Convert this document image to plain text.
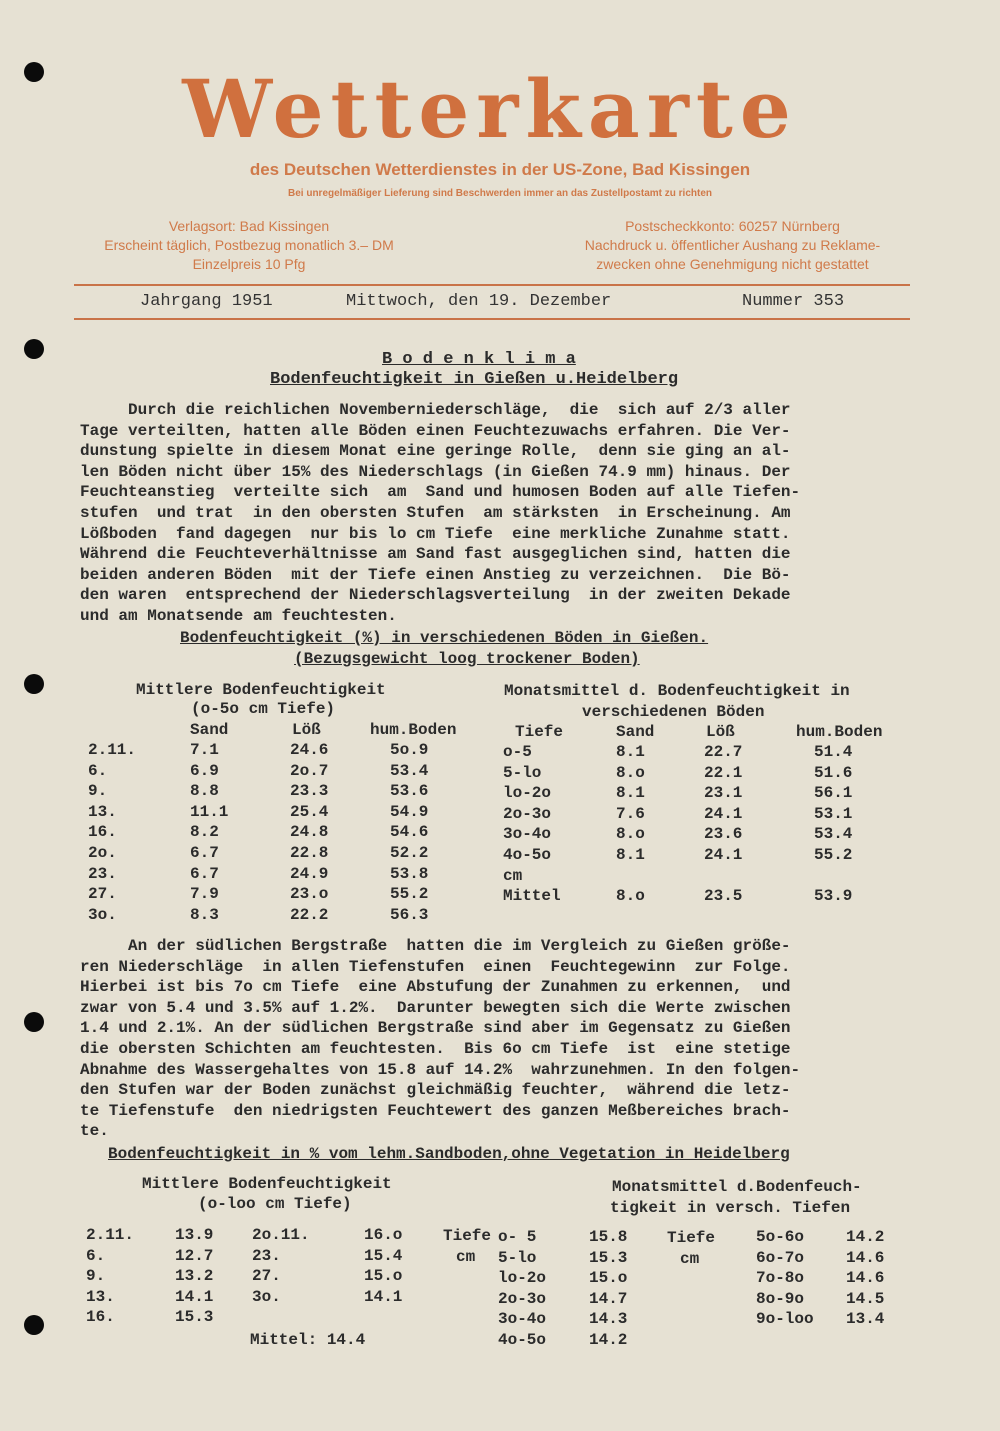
Wetterkarte
des Deutschen Wetterdienstes in der US-Zone, Bad Kissingen
Bei unregelmäßiger Lieferung sind Beschwerden immer an das Zustellpostamt zu richten
Verlagsort: Bad Kissingen
Erscheint täglich, Postbezug monatlich 3.– DM
Einzelpreis 10 Pfg
Postscheckkonto: 60257 Nürnberg
Nachdruck u. öffentlicher Aushang zu Reklame-
zwecken ohne Genehmigung nicht gestattet
Jahrgang 1951	Mittwoch, den 19. Dezember	Nummer 353
B o d e n k l i m a
Bodenfeuchtigkeit in Gießen u.Heidelberg
Durch die reichlichen Novemberniederschläge,  die  sich auf 2/3 aller
Tage verteilten, hatten alle Böden einen Feuchtezuwachs erfahren. Die Ver-
dunstung spielte in diesem Monat eine geringe Rolle,  denn sie ging an al-
len Böden nicht über 15% des Niederschlags (in Gießen 74.9 mm) hinaus. Der
Feuchteanstieg  verteilte sich  am  Sand und humosen Boden auf alle Tiefen-
stufen  und trat  in den obersten Stufen  am stärksten  in Erscheinung. Am
Lößboden  fand dagegen  nur bis lo cm Tiefe  eine merkliche Zunahme statt.
Während die Feuchteverhältnisse am Sand fast ausgeglichen sind, hatten die
beiden anderen Böden  mit der Tiefe einen Anstieg zu verzeichnen.  Die Bö-
den waren  entsprechend der Niederschlagsverteilung  in der zweiten Dekade
und am Monatsende am feuchtesten.
Bodenfeuchtigkeit (%) in verschiedenen Böden in Gießen.
(Bezugsgewicht loog trockener Boden)
Mittlere Bodenfeuchtigkeit
(o-5o cm Tiefe)
Sand	Löß	hum.Boden
2.11.	7.1	24.6	5o.9
6.	6.9	2o.7	53.4
9.	8.8	23.3	53.6
13.	11.1	25.4	54.9
16.	8.2	24.8	54.6
2o.	6.7	22.8	52.2
23.	6.7	24.9	53.8
27.	7.9	23.o	55.2
3o.	8.3	22.2	56.3
Monatsmittel d. Bodenfeuchtigkeit in
verschiedenen Böden
Tiefe	Sand	Löß	hum.Boden
o-5	8.1	22.7	51.4
5-lo	8.o	22.1	51.6
lo-2o	8.1	23.1	56.1
2o-3o	7.6	24.1	53.1
3o-4o	8.o	23.6	53.4
4o-5o	8.1	24.1	55.2
cm
Mittel	8.o	23.5	53.9
An der südlichen Bergstraße  hatten die im Vergleich zu Gießen größe-
ren Niederschläge  in allen Tiefenstufen  einen  Feuchtegewinn  zur Folge.
Hierbei ist bis 7o cm Tiefe  eine Abstufung der Zunahmen zu erkennen,  und
zwar von 5.4 und 3.5% auf 1.2%.  Darunter bewegten sich die Werte zwischen
1.4 und 2.1%. An der südlichen Bergstraße sind aber im Gegensatz zu Gießen
die obersten Schichten am feuchtesten.  Bis 6o cm Tiefe  ist  eine stetige
Abnahme des Wassergehaltes von 15.8 auf 14.2%  wahrzunehmen. In den folgen-
den Stufen war der Boden zunächst gleichmäßig feuchter,  während die letz-
te Tiefenstufe  den niedrigsten Feuchtewert des ganzen Meßbereiches brach-
te.
Bodenfeuchtigkeit in % vom lehm.Sandboden,ohne Vegetation in Heidelberg
Mittlere Bodenfeuchtigkeit
(o-loo cm Tiefe)
2.11.	13.9 2o.11.	16.o
6.	12.7 23.	15.4
9.	13.2 27.	15.o
13.	14.1 3o.	14.1
16.	15.3
Mittel: 14.4
Monatsmittel d.Bodenfeuch-
tigkeit in versch. Tiefen
Tiefe
cm
Tiefe
cm
o- 5	15.8
5-lo	15.3
lo-2o	15.o
2o-3o	14.7
3o-4o	14.3
4o-5o	14.2
5o-6o	14.2
6o-7o	14.6
7o-8o	14.6
8o-9o	14.5
9o-loo 13.4
